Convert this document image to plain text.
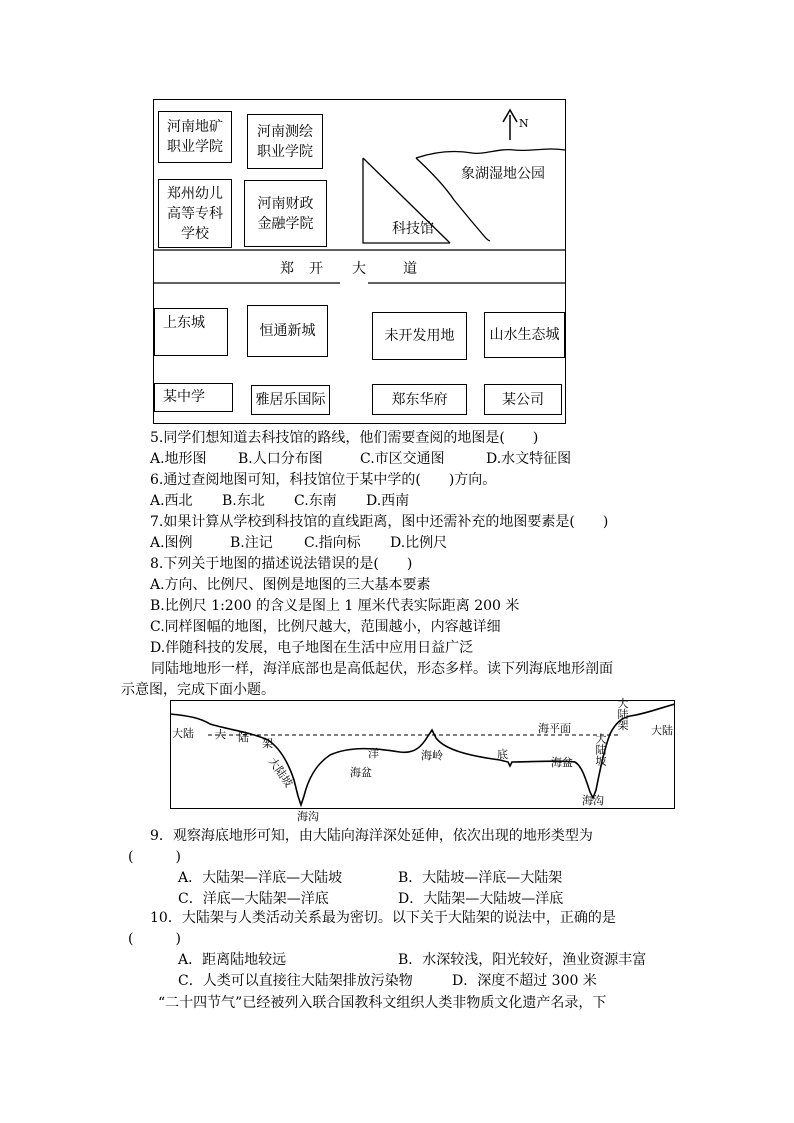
河南地矿
职业学院
河南测绘
职业学院
郑州幼儿
高等专科
学校
河南财政
金融学院
N
科技馆
象湖湿地公园
郑 开 大	道
上东城	恒通新城	未开发用地	山水生态城
某中学	雅居乐国际	郑东华府	某公司
5.同学们想知道去科技馆的路线，他们需要查阅的地图是(　　)
A.地形图 B.人口分布图	C.市区交通图	D.水文特征图
6.通过查阅地图可知，科技馆位于某中学的(　　)方向。
A.西北 B.东北 C.东南 D.西南
7.如果计算从学校到科技馆的直线距离，图中还需补充的地图要素是(　　)
A.图例	B.注记 C.指向标 D.比例尺
8.下列关于地图的描述说法错误的是(　　)
A.方向、比例尺、图例是地图的三大基本要素
B.比例尺 1:200 的含义是图上 1 厘米代表实际距离 200 米
C.同样图幅的地图，比例尺越大，范围越小，内容越详细
D.伴随科技的发展，电子地图在生活中应用日益广泛
同陆地地形一样，海洋底部也是高低起伏，形态多样。读下列海底地形剖面
示意图，完成下面小题。
大陆 大 陆 架
大陆坡
洋
海盆
海岭	底
海平面
海盆 大陆坡
大陆架 大陆
海沟
海沟
9．观察海底地形可知，由大陆向海洋深处延伸，依次出现的地形类型为
(　　　)
A．大陆架—洋底—大陆坡	B．大陆坡—洋底—大陆架
C．洋底—大陆架—洋底	D．大陆架—大陆坡—洋底
10．大陆架与人类活动关系最为密切。以下关于大陆架的说法中，正确的是
(　　　)
A．距离陆地较远	B．水深较浅，阳光较好，渔业资源丰富
C．人类可以直接往大陆架排放污染物	D．深度不超过 300 米
“二十四节气”已经被列入联合国教科文组织人类非物质文化遗产名录，下
